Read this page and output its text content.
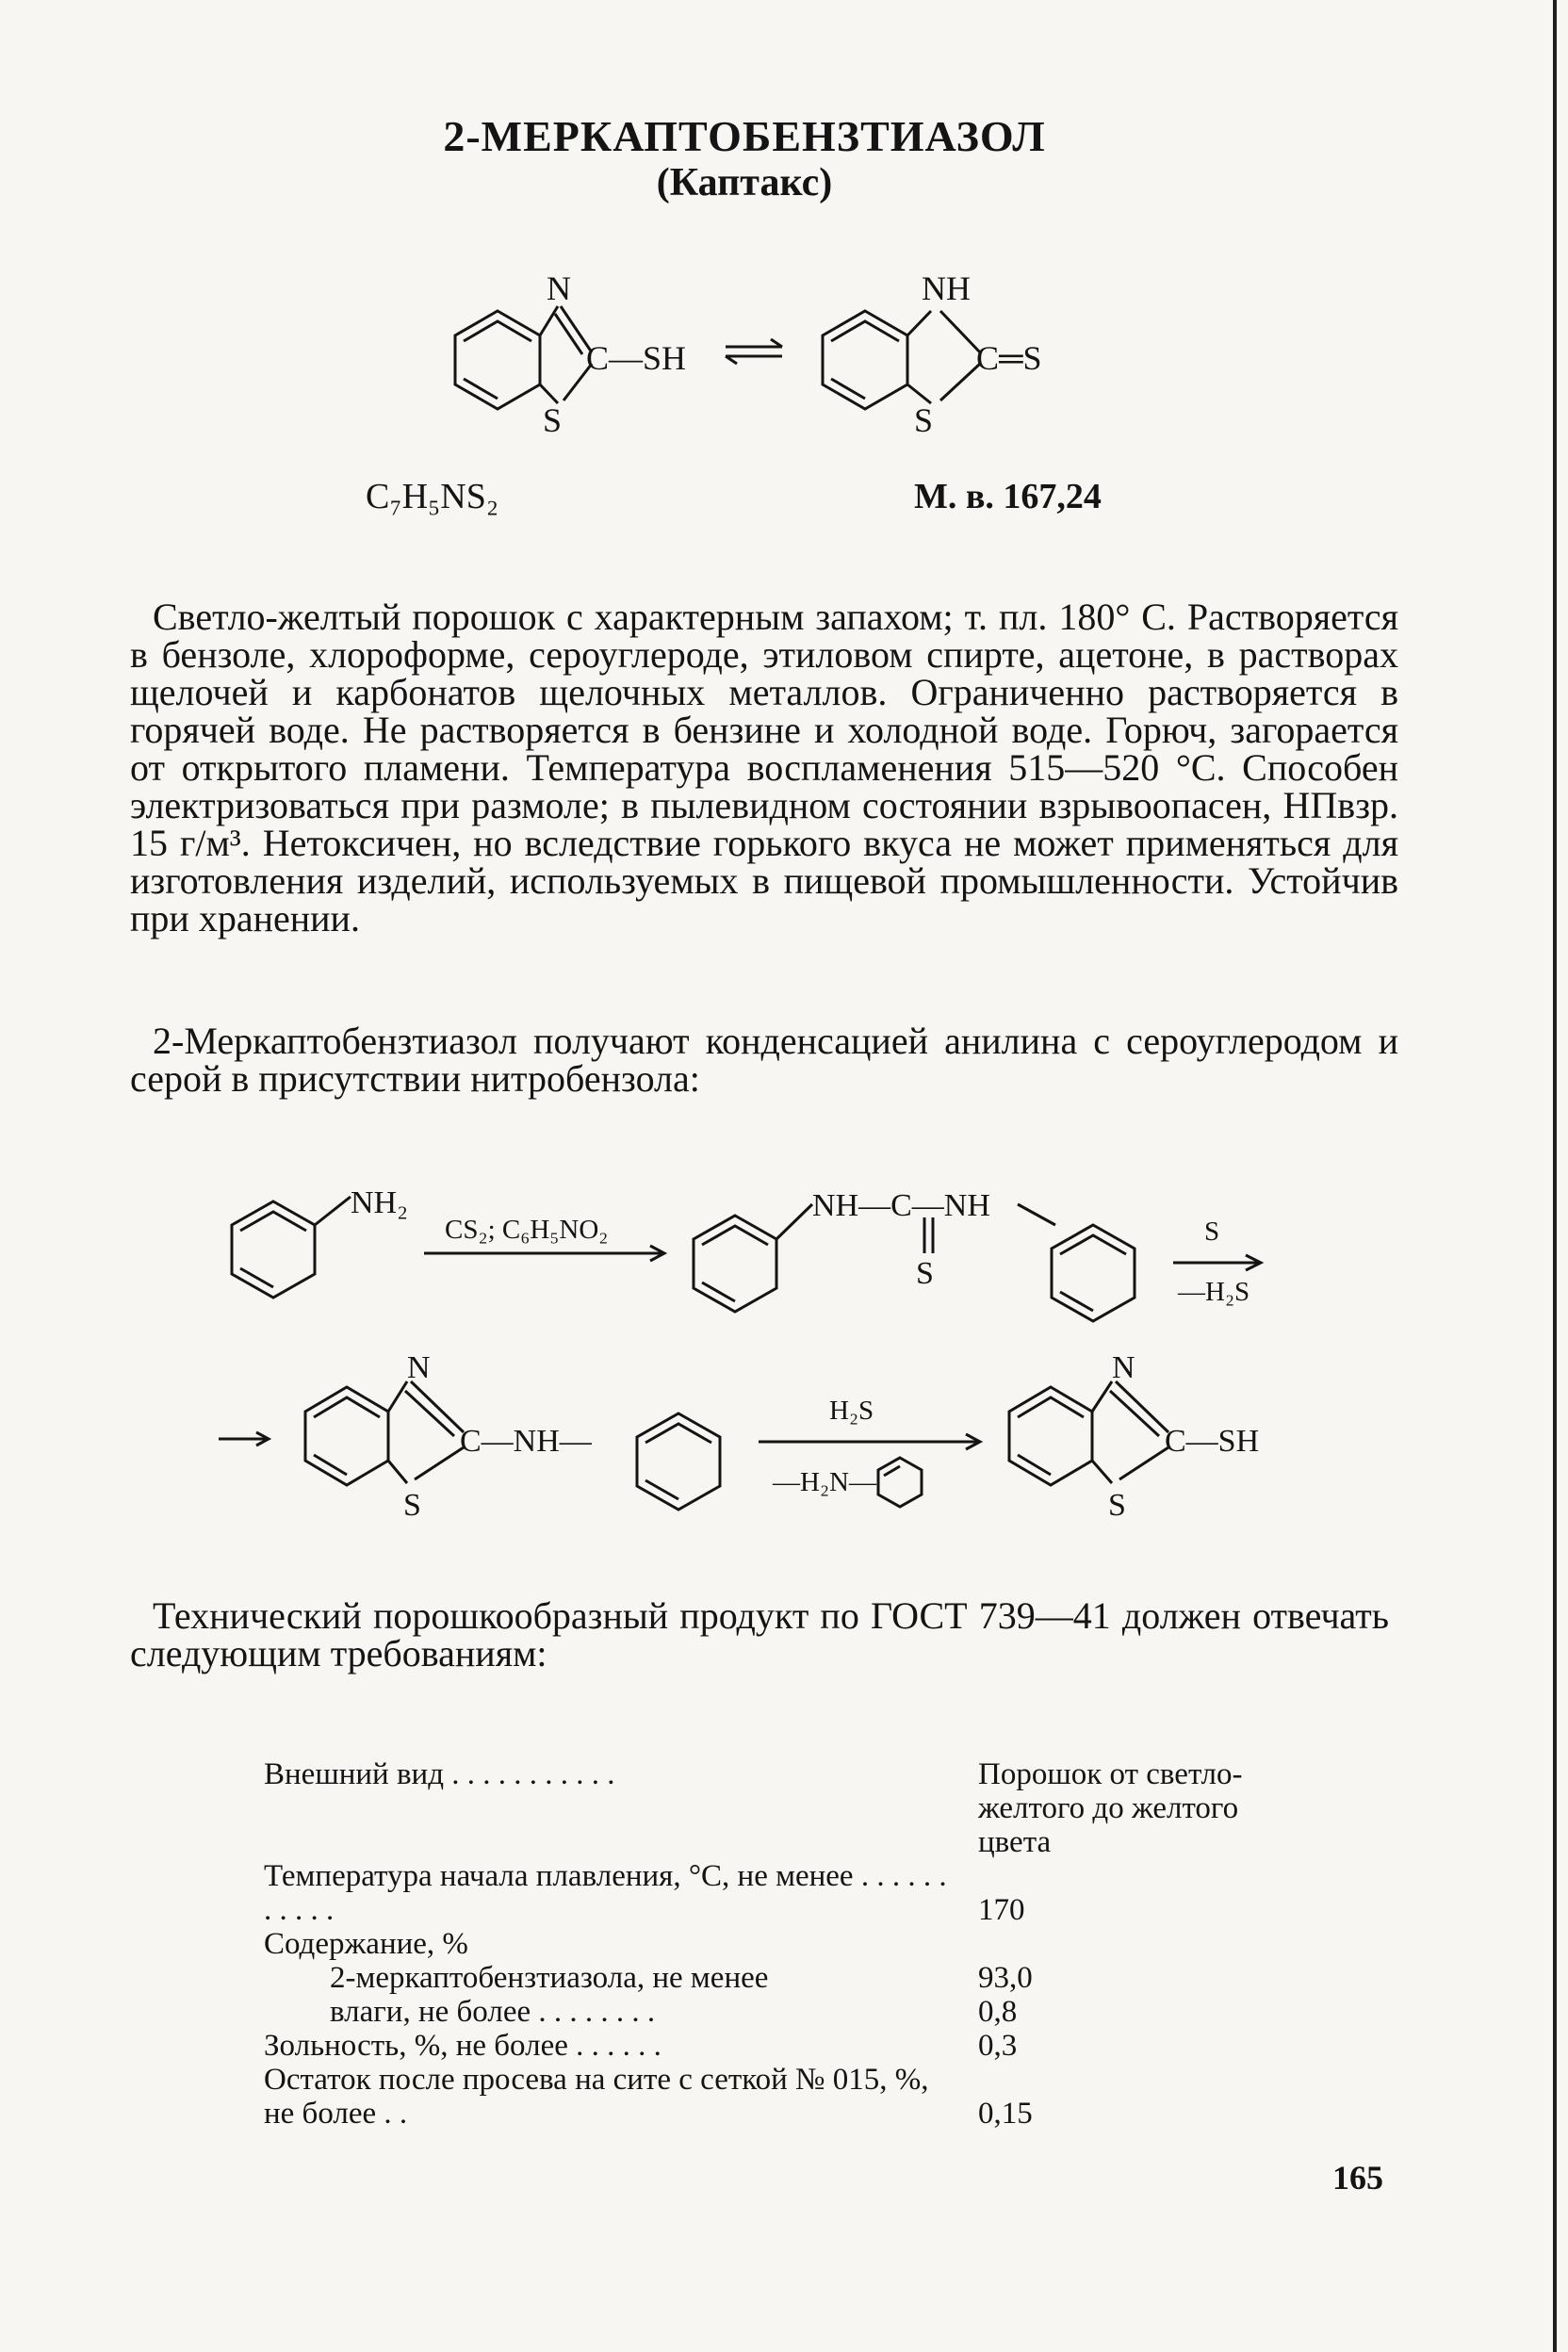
2-МЕРКАПТОБЕНЗТИАЗОЛ
(Каптакс)
N
S
C—SH
NH
S
C═S
C₇H₅NS₂	М. в. 167,24

Светло-желтый порошок с характерным запахом; т. пл. 180° С. Растворяется в бензоле, хлороформе, сероуглероде, этиловом спирте, ацетоне, в растворах щелочей и карбонатов щелочных металлов. Ограниченно растворяется в горячей воде. Не растворяется в бензине и холодной воде. Горюч, загорается от открытого пламени. Температура воспламенения 515—520 °С. Способен электризоваться при размоле; в пылевидном состоянии взрывоопасен, НПвзр. 15 г/м³. Нетоксичен, но вследствие горького вкуса не может применяться для изготовления изделий, используемых в пищевой промышленности. Устойчив при хранении.

2-Меркаптобензтиазол получают конденсацией анилина с сероуглеродом и серой в присутствии нитробензола:

NH₂
CS₂; C₆H₅NO₂
NH—C—NH
S
S
—H₂S
N
S
C—NH—
H₂S
—H₂N—
N
S
C—SH

Технический порошкообразный продукт по ГОСТ 739—41 должен отвечать следующим требованиям:

Внешний вид . . . . . . . . . . .	Порошок от светло-желтого до желтого цвета
Температура начала плавления, °С, не менее . . . . . . . . . . .	170
Содержание, %	
2-меркаптобензтиазола, не менее	93,0
влаги, не более . . . . . . . .	0,8
Зольность, %, не более . . . . . .	0,3
Остаток после просева на сите с сеткой № 015, %, не более . .	0,15
165
